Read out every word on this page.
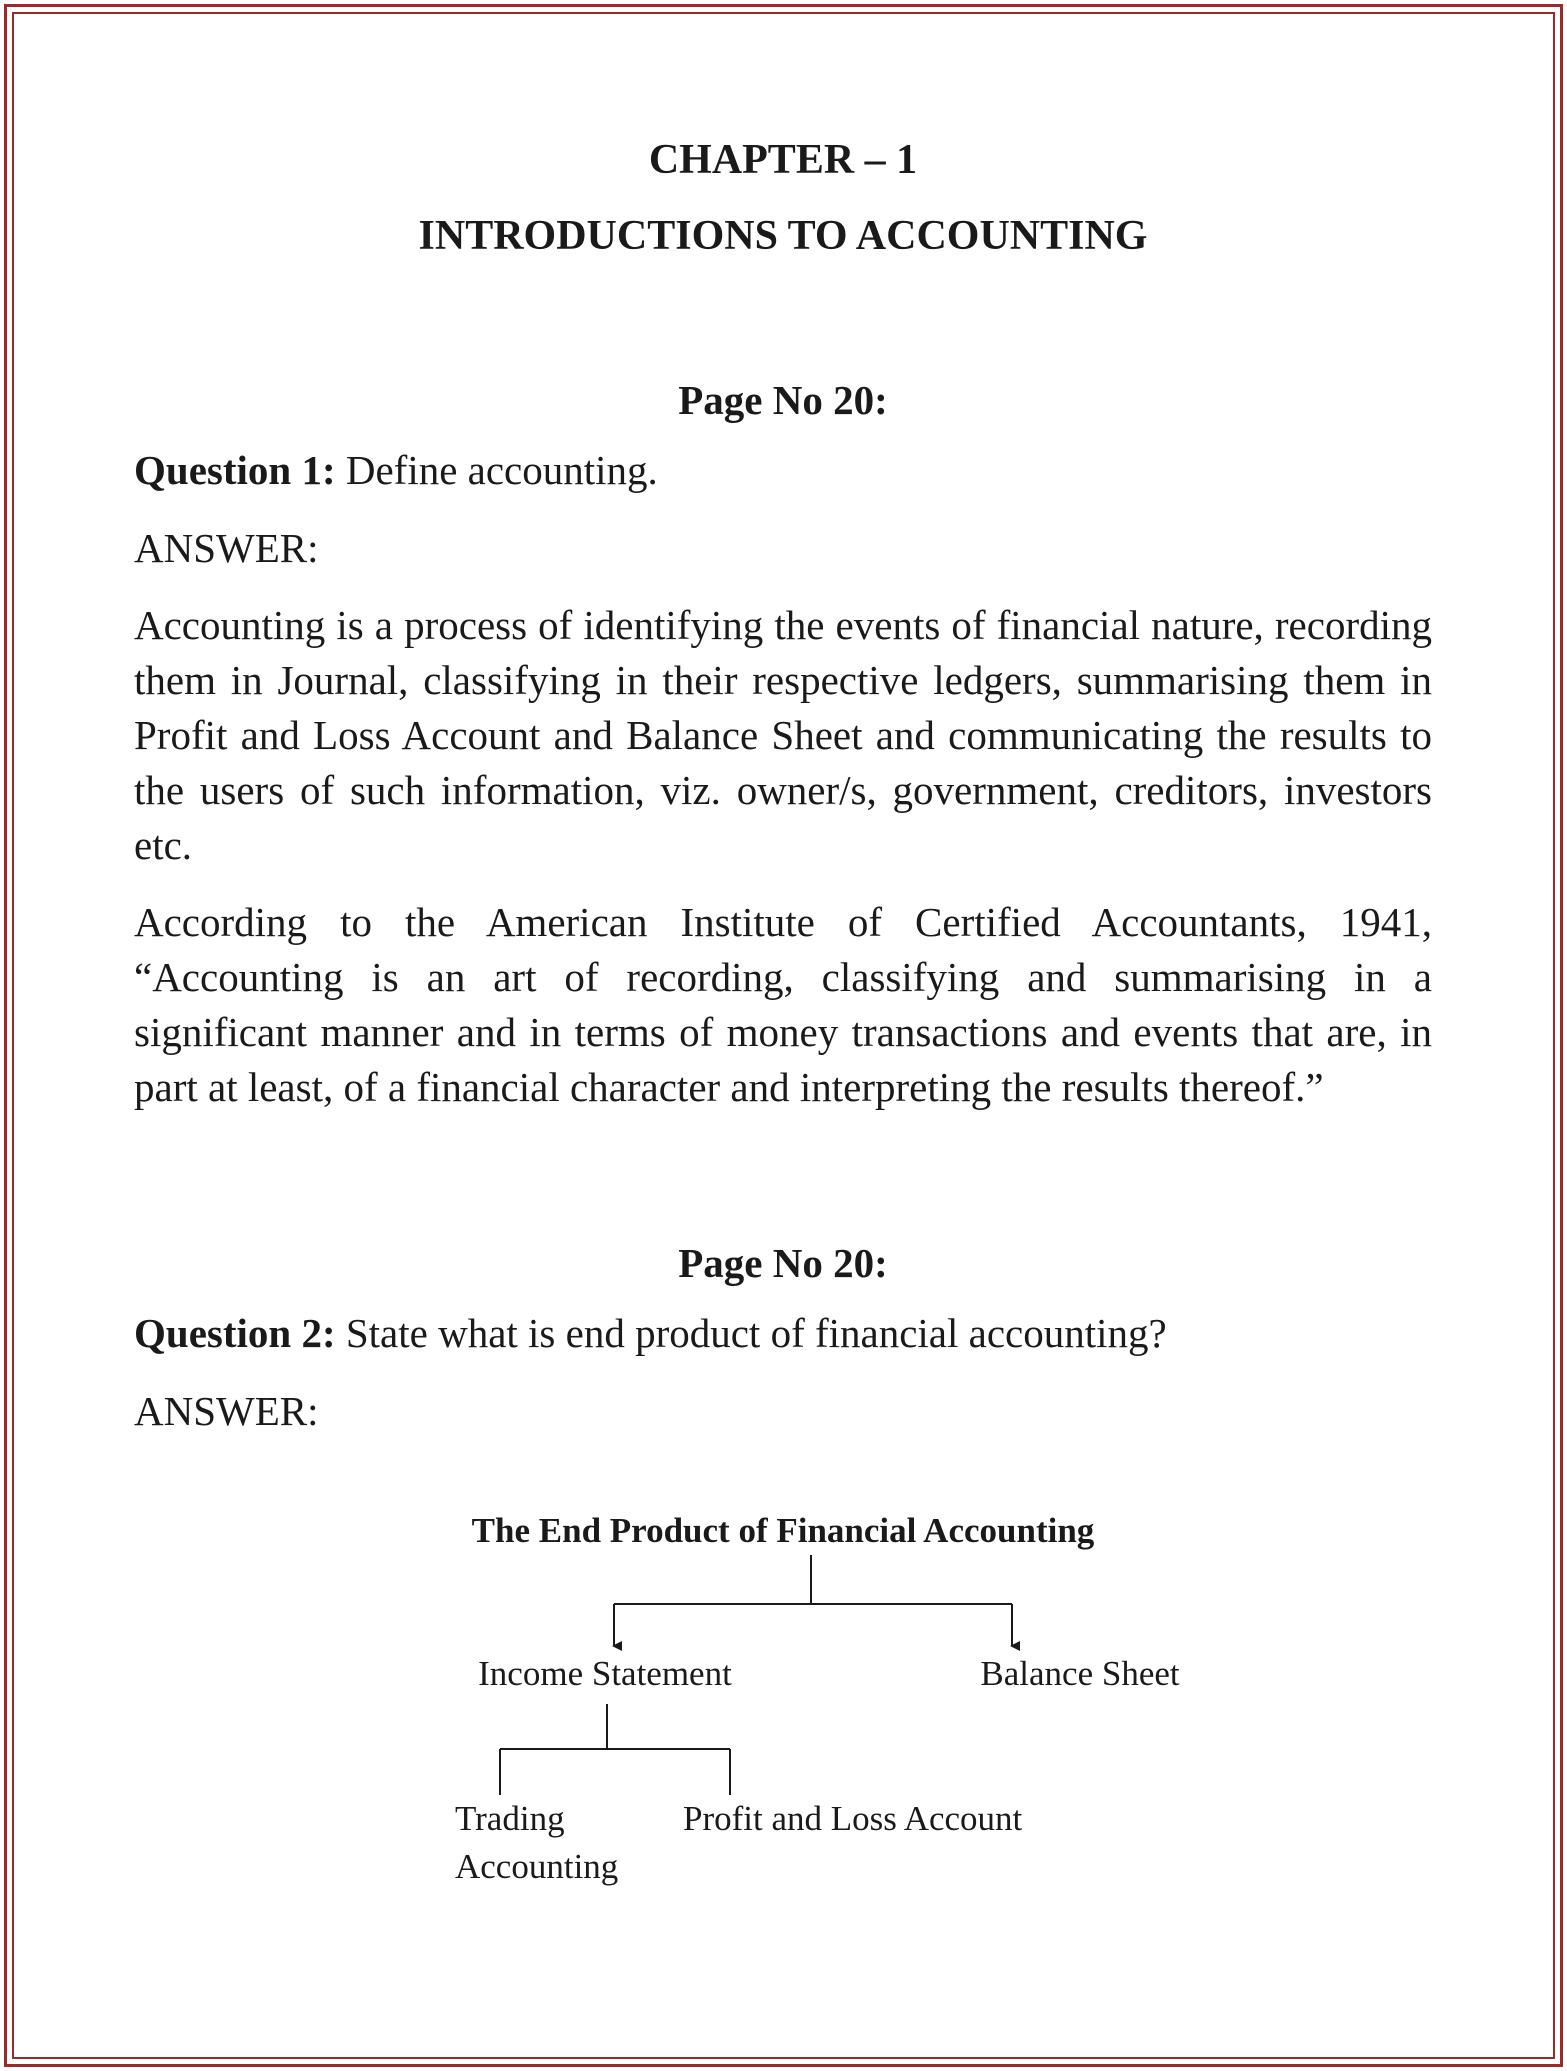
CHAPTER – 1
INTRODUCTIONS TO ACCOUNTING
Page No 20:
Question 1: Define accounting.
ANSWER:

Accounting is a process of identifying the events of financial nature, recording them in Journal, classifying in their respective ledgers, summarising them in Profit and Loss Account and Balance Sheet and communicating the results to the users of such information, viz. owner/s, government, creditors, investors etc.

According to the American Institute of Certified Accountants, 1941, “Accounting is an art of recording, classifying and summarising in a significant manner and in terms of money transactions and events that are, in part at least, of a financial character and interpreting the results thereof.”

Page No 20:
Question 2: State what is end product of financial accounting?
ANSWER:
The End Product of Financial Accounting
Income Statement	Balance Sheet
Trading
Accounting
Profit and Loss Account
